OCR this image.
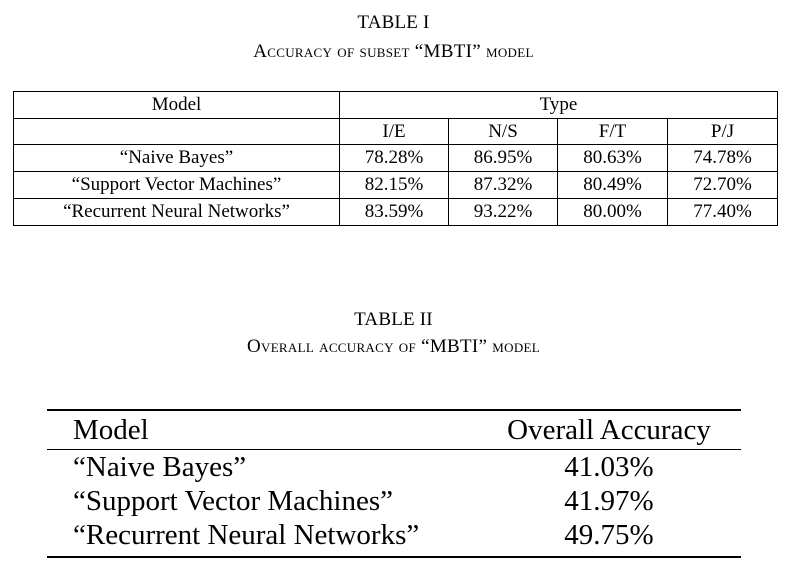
TABLE I
Accuracy of subset “MBTI” model
Model	Type			
	I/E	N/S	F/T	P/J
“Naive Bayes”	78.28%	86.95%	80.63%	74.78%
“Support Vector Machines”	82.15%	87.32%	80.49%	72.70%
“Recurrent Neural Networks”	83.59%	93.22%	80.00%	77.40%
TABLE II
Overall accuracy of “MBTI” model
Model	Overall Accuracy
“Naive Bayes”	41.03%
“Support Vector Machines”	41.97%
“Recurrent Neural Networks”	49.75%
